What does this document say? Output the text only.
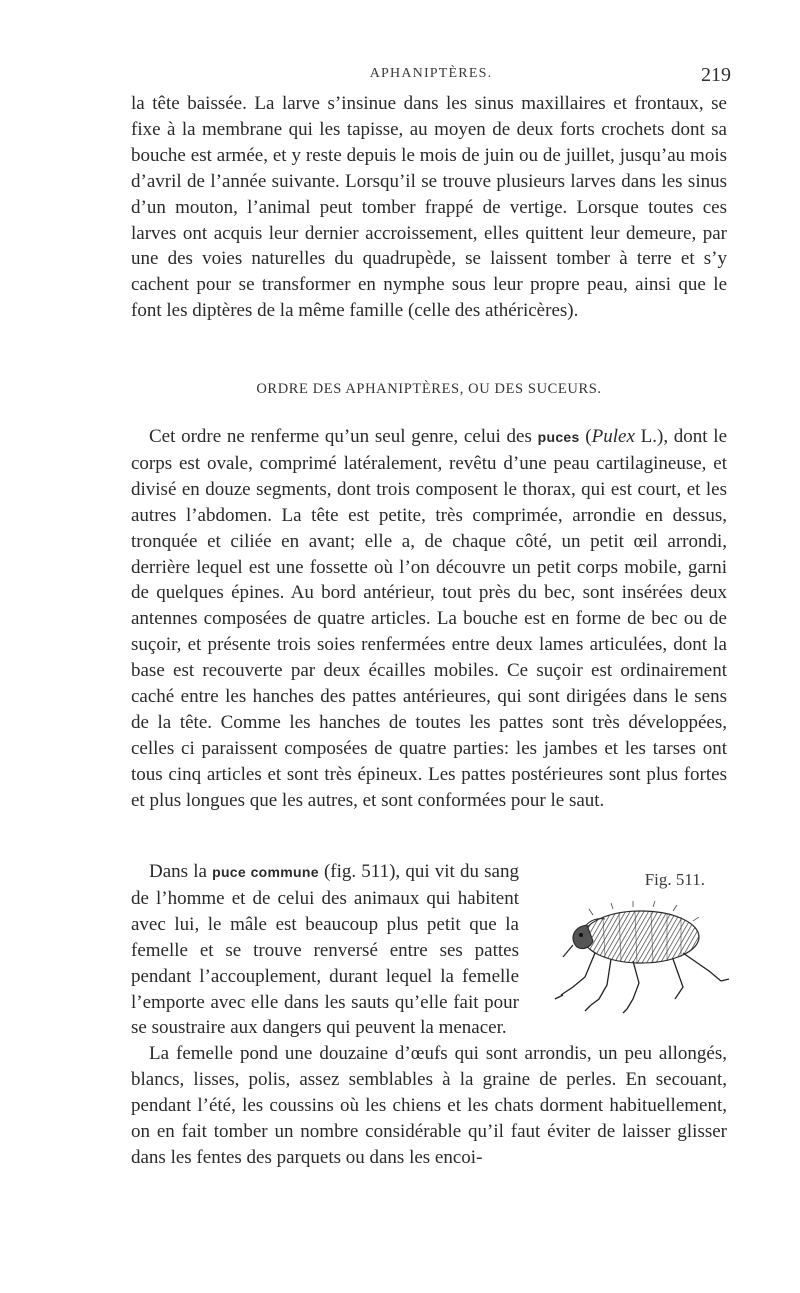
APHANIPTÈRES.	219
la tête baissée. La larve s’insinue dans les sinus maxillaires et frontaux, se fixe à la membrane qui les tapisse, au moyen de deux forts crochets dont sa bouche est armée, et y reste depuis le mois de juin ou de juillet, jusqu’au mois d’avril de l’année suivante. Lorsqu’il se trouve plusieurs larves dans les sinus d’un mouton, l’animal peut tomber frappé de vertige. Lorsque toutes ces larves ont acquis leur dernier accroissement, elles quittent leur demeure, par une des voies naturelles du quadrupède, se laissent tomber à terre et s’y cachent pour se transformer en nymphe sous leur propre peau, ainsi que le font les diptères de la même famille (celle des athéricères).
ORDRE DES APHANIPTÈRES, OU DES SUCEURS.
Cet ordre ne renferme qu’un seul genre, celui des puces (Pulex L.), dont le corps est ovale, comprimé latéralement, revêtu d’une peau cartilagineuse, et divisé en douze segments, dont trois composent le thorax, qui est court, et les autres l’abdomen. La tête est petite, très comprimée, arrondie en dessus, tronquée et ciliée en avant; elle a, de chaque côté, un petit œil arrondi, derrière lequel est une fossette où l’on découvre un petit corps mobile, garni de quelques épines. Au bord antérieur, tout près du bec, sont insérées deux antennes composées de quatre articles. La bouche est en forme de bec ou de suçoir, et présente trois soies renfermées entre deux lames articulées, dont la base est recouverte par deux écailles mobiles. Ce suçoir est ordinairement caché entre les hanches des pattes antérieures, qui sont dirigées dans le sens de la tête. Comme les hanches de toutes les pattes sont très développées, celles ci paraissent composées de quatre parties: les jambes et les tarses ont tous cinq articles et sont très épineux. Les pattes postérieures sont plus fortes et plus longues que les autres, et sont conformées pour le saut.
Fig. 511.
Dans la puce commune (fig. 511), qui vit du sang de l’homme et de celui des animaux qui habitent avec lui, le mâle est beaucoup plus petit que la femelle et se trouve renversé entre ses pattes pendant l’accouplement, durant lequel la femelle l’emporte avec elle dans les sauts qu’elle fait pour se soustraire aux dangers qui peuvent la menacer.
La femelle pond une douzaine d’œufs qui sont arrondis, un peu allongés, blancs, lisses, polis, assez semblables à la graine de perles. En secouant, pendant l’été, les coussins où les chiens et les chats dorment habituellement, on en fait tomber un nombre considérable qu’il faut éviter de laisser glisser dans les fentes des parquets ou dans les encoi-
